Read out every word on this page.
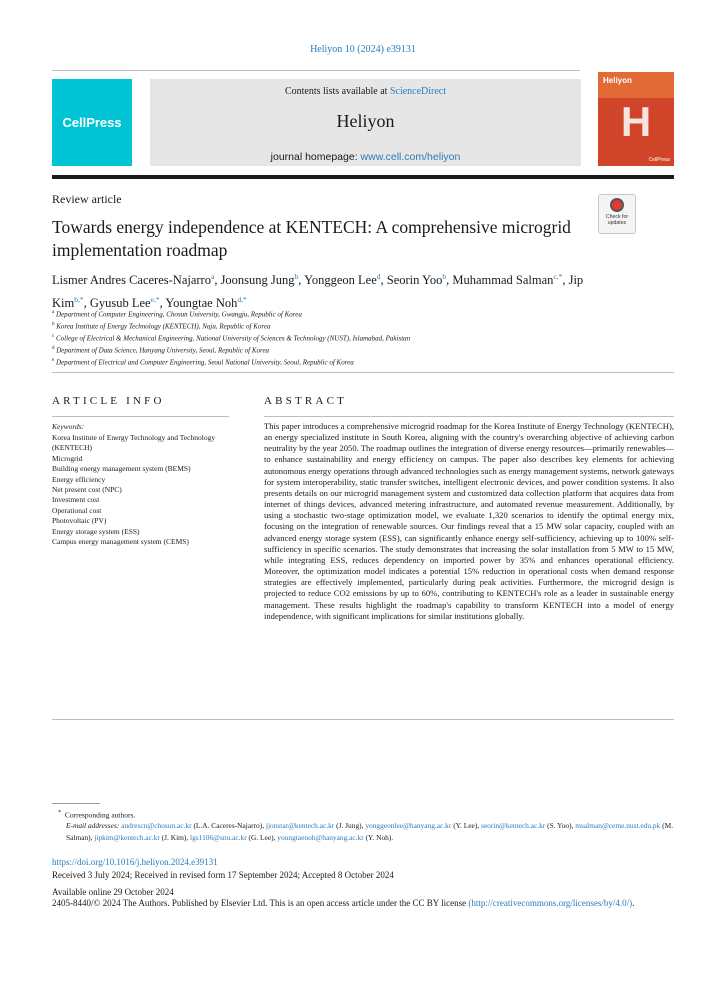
Heliyon 10 (2024) e39131
CellPress
Contents lists available at ScienceDirect
Heliyon
journal homepage: www.cell.com/heliyon
Heliyon
H
CellPress
Review article
Check for updates
Towards energy independence at KENTECH: A comprehensive microgrid implementation roadmap
Lismer Andres Caceres-Najarro$^a$, Joonsung Jung$^b$, Yonggeon Lee$^d$, Seorin Yoo$^b$, Muhammad Salman$^{c,*}$, Jip Kim$^{b,*}$, Gyusub Lee$^{e,*}$, Youngtae Noh$^{d,*}$
$^a$ Department of Computer Engineering, Chosun University, Gwangju, Republic of Korea
$^b$ Korea Institute of Energy Technology (KENTECH), Naju, Republic of Korea
$^c$ College of Electrical & Mechanical Engineering, National University of Sciences & Technology (NUST), Islamabad, Pakistan
$^d$ Department of Data Science, Hanyang University, Seoul, Republic of Korea
$^e$ Department of Electrical and Computer Engineering, Seoul National University, Seoul, Republic of Korea
ARTICLE INFO
Keywords:
Korea Institute of Energy Technology and Technology (KENTECH)
Microgrid
Building energy management system (BEMS)
Energy efficiency
Net present cost (NPC)
Investment cost
Operational cost
Photovoltaic (PV)
Energy storage system (ESS)
Campus energy management system (CEMS)
ABSTRACT

This paper introduces a comprehensive microgrid roadmap for the Korea Institute of Energy Technology (KENTECH), an energy specialized institute in South Korea, aligning with the country's overarching objective of achieving carbon neutrality by the year 2050. The roadmap outlines the integration of diverse energy resources—primarily renewables—to enhance sustainability and energy efficiency on campus. The paper also describes key elements for achieving autonomous energy operations through advanced technologies such as energy management systems, network gateways for system interoperability, static transfer switches, intelligent electronic devices, and power condition systems. It also presents details on our microgrid management system and customized data collection platform that acquires data from internet of things devices, advanced metering infrastructure, and automated revenue measurement. Additionally, by using a stochastic two-stage optimization model, we evaluate 1,320 scenarios to identify the optimal energy mix, focusing on the integration of renewable sources. Our findings reveal that a 15 MW solar capacity, coupled with an advanced energy storage system (ESS), can significantly enhance energy self-sufficiency, achieving up to 100% self-sufficiency in specific scenarios. The study demonstrates that increasing the solar installation from 5 MW to 15 MW, while integrating ESS, reduces dependency on imported power by 35% and enhances operational efficiency. Moreover, the optimization model indicates a potential 15% reduction in operational costs when demand response strategies are effectively implemented, particularly during peak activities. Furthermore, the microgrid design is projected to reduce CO2 emissions by up to 60%, contributing to KENTECH's role as a leader in sustainable energy management. These results highlight the roadmap's capability to transform KENTECH into a model of energy independence, with significant implications for similar institutions globally.

* Corresponding authors.
E-mail addresses: andrescn@chosun.ac.kr (L.A. Caceres-Najarro), jjonstar@kentech.ac.kr (J. Jung), yonggeonlee@hanyang.ac.kr (Y. Lee), seorin@kentech.ac.kr (S. Yoo), msalman@ceme.nust.edu.pk (M. Salman), jipkim@kentech.ac.kr (J. Kim), lgs1106@snu.ac.kr (G. Lee), youngtaenoh@hanyang.ac.kr (Y. Noh).
https://doi.org/10.1016/j.heliyon.2024.e39131
Received 3 July 2024; Received in revised form 17 September 2024; Accepted 8 October 2024
Available online 29 October 2024
2405-8440/© 2024 The Authors. Published by Elsevier Ltd. This is an open access article under the CC BY license (http://creativecommons.org/licenses/by/4.0/).
